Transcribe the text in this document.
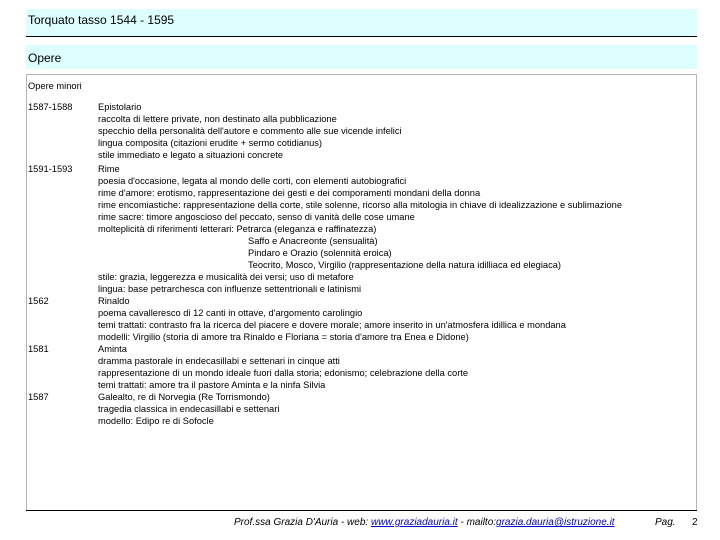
Torquato tasso 1544 - 1595
Opere
Opere minori
1587-1588	Epistolario
raccolta di lettere private, non destinato alla pubblicazione
specchio della personalità dell'autore e commento alle sue vicende infelici
lingua composita (citazioni erudite + sermo cotidianus)
stile immediato e legato a situazioni concrete
1591-1593	Rime
poesia d'occasione, legata al mondo delle corti, con elementi autobiografici
rime d'amore: erotismo, rappresentazione dei gesti e dei comporamenti mondani della donna
rime encomiastiche: rappresentazione della corte, stile solenne, ricorso alla mitologia in chiave di idealizzazione e sublimazione
rime sacre: timore angoscioso del peccato, senso di vanità delle cose umane
molteplicità di riferimenti letterari: Petrarca (eleganza e raffinatezza)
Saffo e Anacreonte (sensualità)
Pindaro e Orazio (solennità eroica)
Teocrito, Mosco, Virgilio (rappresentazione della natura idilliaca ed elegiaca)
stile: grazia, leggerezza e musicalità dei versi; uso di metafore
lingua: base petrarchesca con influenze settentrionali e latinismi
1562	Rinaldo
poema cavalleresco di 12 canti in ottave, d'argomento carolingio
temi trattati: contrasto fra la ricerca del piacere e dovere morale; amore inserito in un'atmosfera idillica e mondana
modelli: Virgilio (storia di amore tra Rinaldo e Floriana = storia d'amore tra Enea e Didone)
1581	Aminta
dramma pastorale in endecasillabi e settenari in cinque atti
rappresentazione di un mondo ideale fuori dalla storia; edonismo; celebrazione della corte
temi trattati: amore tra il pastore Aminta e la ninfa Silvia
1587	Galealto, re di Norvegia (Re Torrismondo)
tragedia classica in endecasillabi e settenari
modello: Edipo re di Sofocle
Prof.ssa Grazia D'Auria - web: www.graziadauria.it - mailto:grazia.dauria@istruzione.it	Pag. 2
